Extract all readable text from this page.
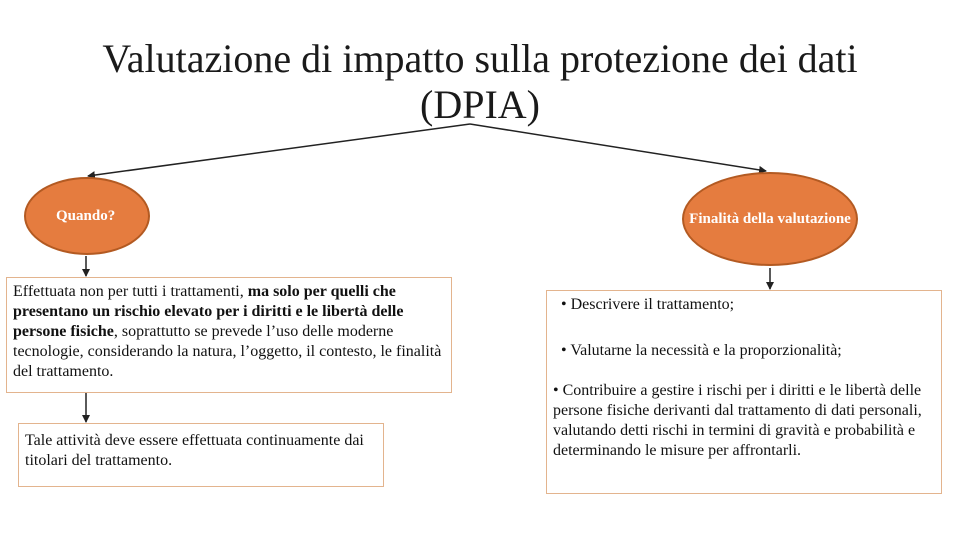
Valutazione di impatto sulla protezione dei dati (DPIA)
Quando?	Finalità della valutazione
Effettuata non per tutti i trattamenti, ma solo per quelli che presentano un rischio elevato per i diritti e le libertà delle persone fisiche, soprattutto se prevede l’uso delle moderne tecnologie, considerando la natura, l’oggetto, il contesto, le finalità del trattamento.
Tale attività deve essere effettuata continuamente dai titolari del trattamento.
• Descrivere il trattamento;
• Valutarne la necessità e la proporzionalità;
• Contribuire a gestire i rischi per i diritti e le libertà delle persone fisiche derivanti dal trattamento di dati personali, valutando detti rischi in termini di gravità e probabilità e determinando le misure per affrontarli.
